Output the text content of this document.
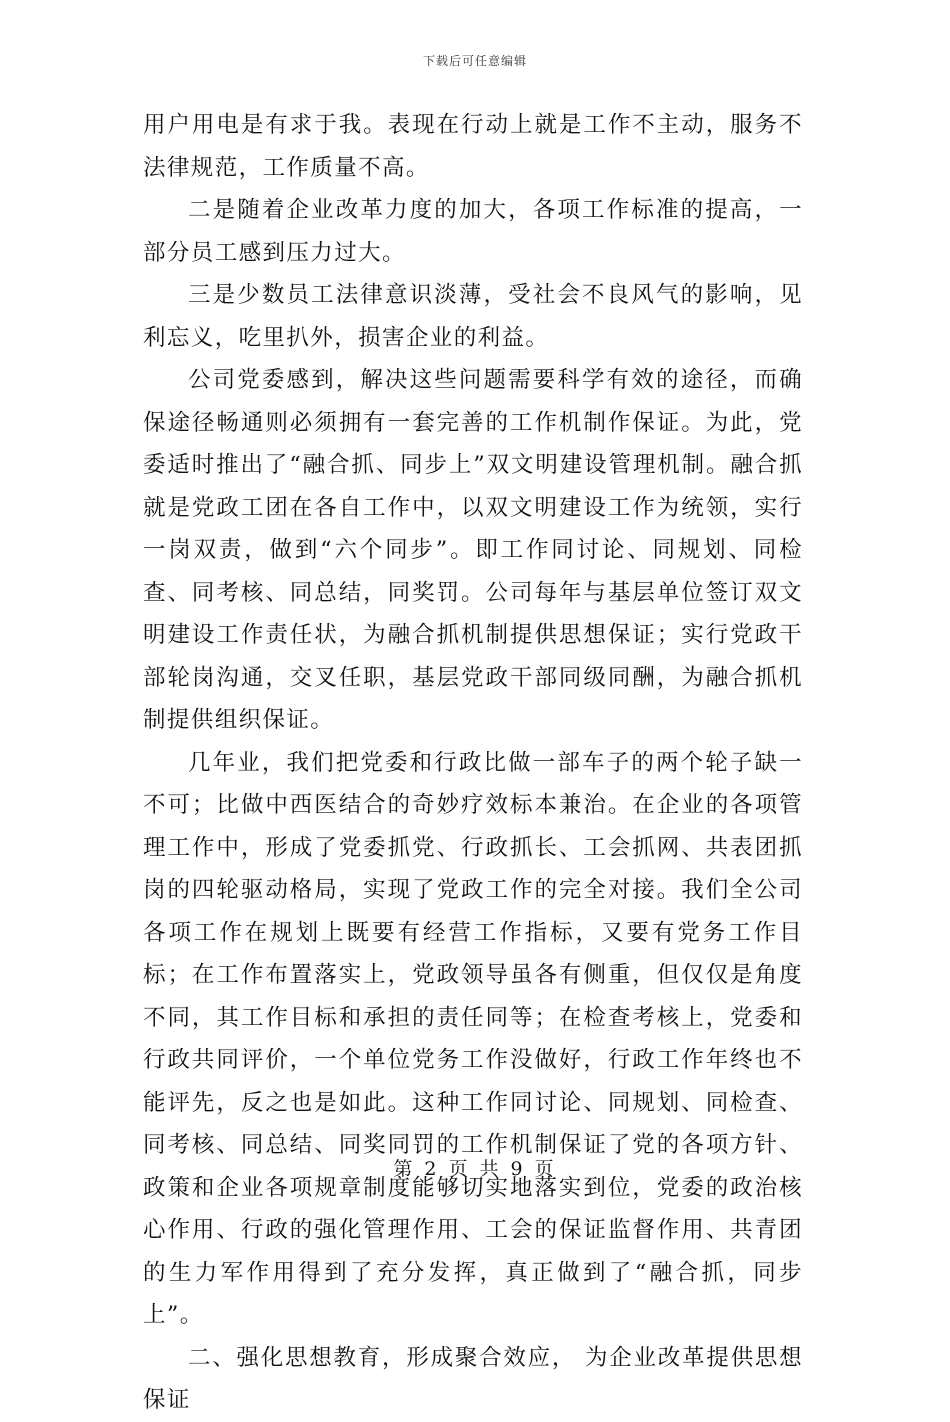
下载后可任意编辑

用户用电是有求于我。表现在行动上就是工作不主动，服务不法律规范，工作质量不高。

二是随着企业改革力度的加大，各项工作标准的提高，一部分员工感到压力过大。

三是少数员工法律意识淡薄，受社会不良风气的影响，见利忘义，吃里扒外，损害企业的利益。

公司党委感到，解决这些问题需要科学有效的途径，而确保途径畅通则必须拥有一套完善的工作机制作保证。为此，党委适时推出了“融合抓、同步上”双文明建设管理机制。融合抓就是党政工团在各自工作中，以双文明建设工作为统领，实行一岗双责，做到“六个同步”。即工作同讨论、同规划、同检查、同考核、同总结，同奖罚。公司每年与基层单位签订双文明建设工作责任状，为融合抓机制提供思想保证；实行党政干部轮岗沟通，交叉任职，基层党政干部同级同酬，为融合抓机制提供组织保证。

几年业，我们把党委和行政比做一部车子的两个轮子缺一不可；比做中西医结合的奇妙疗效标本兼治。在企业的各项管理工作中，形成了党委抓党、行政抓长、工会抓网、共表团抓岗的四轮驱动格局，实现了党政工作的完全对接。我们全公司各项工作在规划上既要有经营工作指标，又要有党务工作目标；在工作布置落实上，党政领导虽各有侧重，但仅仅是角度不同，其工作目标和承担的责任同等；在检查考核上，党委和行政共同评价，一个单位党务工作没做好，行政工作年终也不能评先，反之也是如此。这种工作同讨论、同规划、同检查、同考核、同总结、同奖同罚的工作机制保证了党的各项方针、政策和企业各项规章制度能够切实地落实到位，党委的政治核心作用、行政的强化管理作用、工会的保证监督作用、共青团的生力军作用得到了充分发挥，真正做到了“融合抓，同步上”。

二、强化思想教育，形成聚合效应， 为企业改革提供思想保证

第 2 页 共 9 页
